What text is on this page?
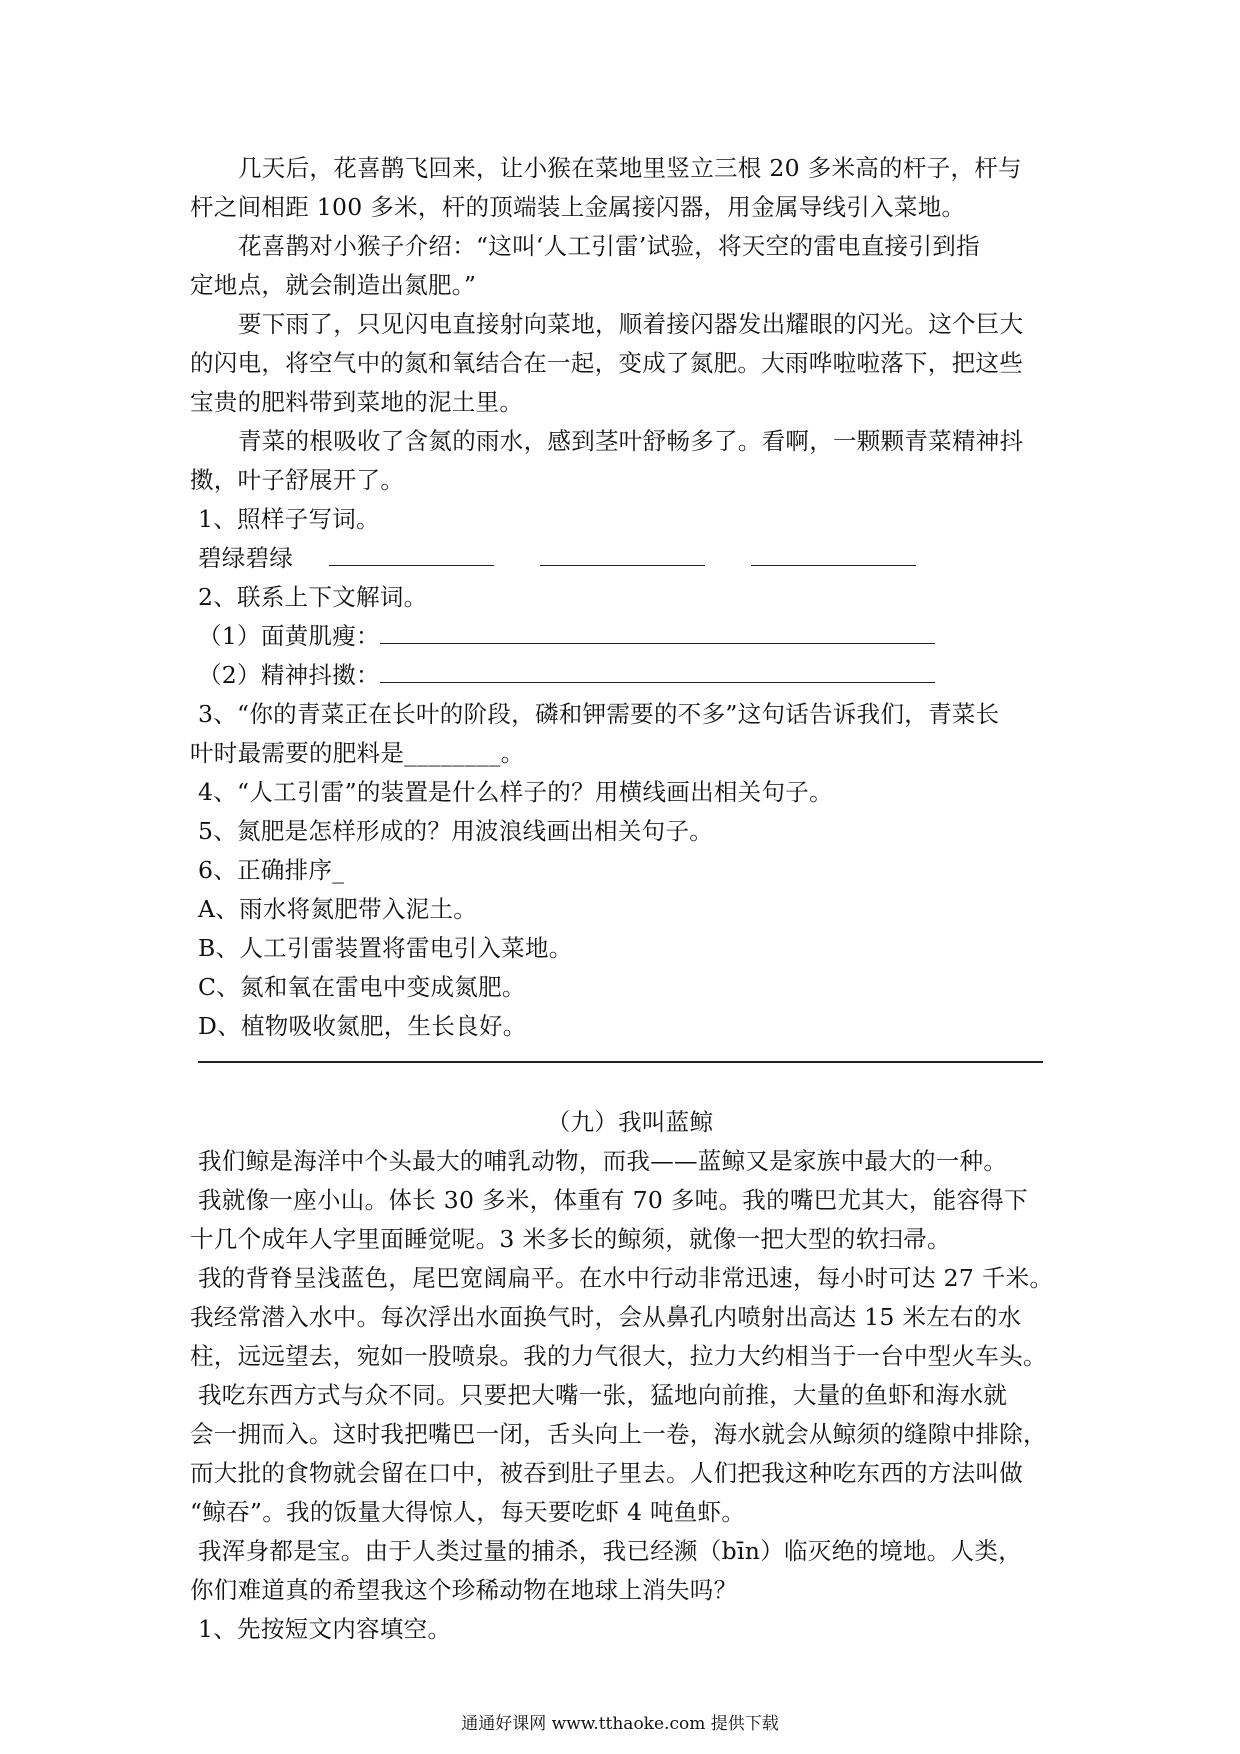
几天后，花喜鹊飞回来，让小猴在菜地里竖立三根 20 多米高的杆子，杆与
杆之间相距 100 多米，杆的顶端装上金属接闪器，用金属导线引入菜地。
花喜鹊对小猴子介绍：“这叫‘人工引雷’试验，将天空的雷电直接引到指
定地点，就会制造出氮肥。”
要下雨了，只见闪电直接射向菜地，顺着接闪器发出耀眼的闪光。这个巨大
的闪电，将空气中的氮和氧结合在一起，变成了氮肥。大雨哗啦啦落下，把这些
宝贵的肥料带到菜地的泥土里。
青菜的根吸收了含氮的雨水，感到茎叶舒畅多了。看啊，一颗颗青菜精神抖
擞，叶子舒展开了。
1、照样子写词。
碧绿碧绿
2、联系上下文解词。
（1）面黄肌瘦：
（2）精神抖擞：
3、“你的青菜正在长叶的阶段，磷和钾需要的不多”这句话告诉我们，青菜长
叶时最需要的肥料是________。
4、“人工引雷”的装置是什么样子的？用横线画出相关句子。
5、氮肥是怎样形成的？用波浪线画出相关句子。
6、正确排序_
A、雨水将氮肥带入泥土。
B、人工引雷装置将雷电引入菜地。
C、氮和氧在雷电中变成氮肥。
D、植物吸收氮肥，生长良好。
（九）我叫蓝鲸
我们鲸是海洋中个头最大的哺乳动物，而我——蓝鲸又是家族中最大的一种。
我就像一座小山。体长 30 多米，体重有 70 多吨。我的嘴巴尤其大，能容得下
十几个成年人字里面睡觉呢。3 米多长的鲸须，就像一把大型的软扫帚。
我的背脊呈浅蓝色，尾巴宽阔扁平。在水中行动非常迅速，每小时可达 27 千米。
我经常潜入水中。每次浮出水面换气时，会从鼻孔内喷射出高达 15 米左右的水
柱，远远望去，宛如一股喷泉。我的力气很大，拉力大约相当于一台中型火车头。
我吃东西方式与众不同。只要把大嘴一张，猛地向前推，大量的鱼虾和海水就
会一拥而入。这时我把嘴巴一闭，舌头向上一卷，海水就会从鲸须的缝隙中排除，
而大批的食物就会留在口中，被吞到肚子里去。人们把我这种吃东西的方法叫做
“鲸吞”。我的饭量大得惊人，每天要吃虾 4 吨鱼虾。
我浑身都是宝。由于人类过量的捕杀，我已经濒（bīn）临灭绝的境地。人类，
你们难道真的希望我这个珍稀动物在地球上消失吗？
1、先按短文内容填空。
通通好课网 www.tthaoke.com 提供下载
